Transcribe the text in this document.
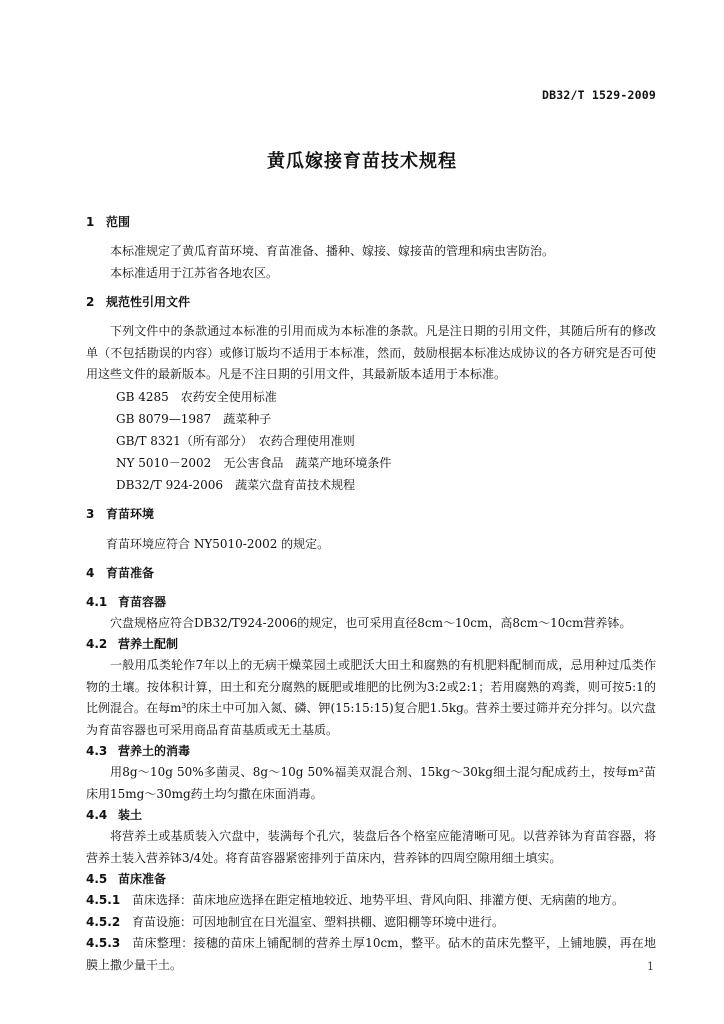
DB32/T 1529-2009
黄瓜嫁接育苗技术规程
1 范围
本标准规定了黄瓜育苗环境、育苗准备、播种、嫁接、嫁接苗的管理和病虫害防治。
本标准适用于江苏省各地农区。
2 规范性引用文件
下列文件中的条款通过本标准的引用而成为本标准的条款。凡是注日期的引用文件，其随后所有的修改单（不包括勘误的内容）或修订版均不适用于本标准，然而，鼓励根据本标准达成协议的各方研究是否可使用这些文件的最新版本。凡是不注日期的引用文件，其最新版本适用于本标准。
GB 4285　农药安全使用标准
GB 8079—1987　蔬菜种子
GB/T 8321（所有部分）　农药合理使用准则
NY 5010－2002　无公害食品　蔬菜产地环境条件
DB32/T 924-2006　蔬菜穴盘育苗技术规程
3 育苗环境
育苗环境应符合 NY5010-2002 的规定。
4 育苗准备
4.1 育苗容器
穴盘规格应符合DB32/T924-2006的规定，也可采用直径8cm～10cm，高8cm～10cm营养钵。
4.2 营养土配制
一般用瓜类轮作7年以上的无病干燥菜园土或肥沃大田土和腐熟的有机肥料配制而成，忌用种过瓜类作物的土壤。按体积计算，田土和充分腐熟的厩肥或堆肥的比例为3:2或2:1；若用腐熟的鸡粪，则可按5:1的比例混合。在每m³的床土中可加入氮、磷、钾(15:15:15)复合肥1.5kg。营养土要过筛并充分拌匀。以穴盘为育苗容器也可采用商品育苗基质或无土基质。
4.3 营养土的消毒
用8g～10g 50%多菌灵、8g～10g 50%福美双混合剂、15kg～30kg细土混匀配成药土，按每m²苗床用15mg～30mg药土均匀撒在床面消毒。
4.4 装土
将营养土或基质装入穴盘中，装满每个孔穴，装盘后各个格室应能清晰可见。以营养钵为育苗容器，将营养土装入营养钵3/4处。将育苗容器紧密排列于苗床内，营养钵的四周空隙用细土填实。
4.5 苗床准备
4.5.1 苗床选择：苗床地应选择在距定植地较近、地势平坦、背风向阳、排灌方便、无病菌的地方。
4.5.2 育苗设施：可因地制宜在日光温室、塑料拱棚、遮阳棚等环境中进行。
4.5.3 苗床整理：接穗的苗床上铺配制的营养土厚10cm，整平。砧木的苗床先整平，上铺地膜，再在地膜上撒少量干土。	1
